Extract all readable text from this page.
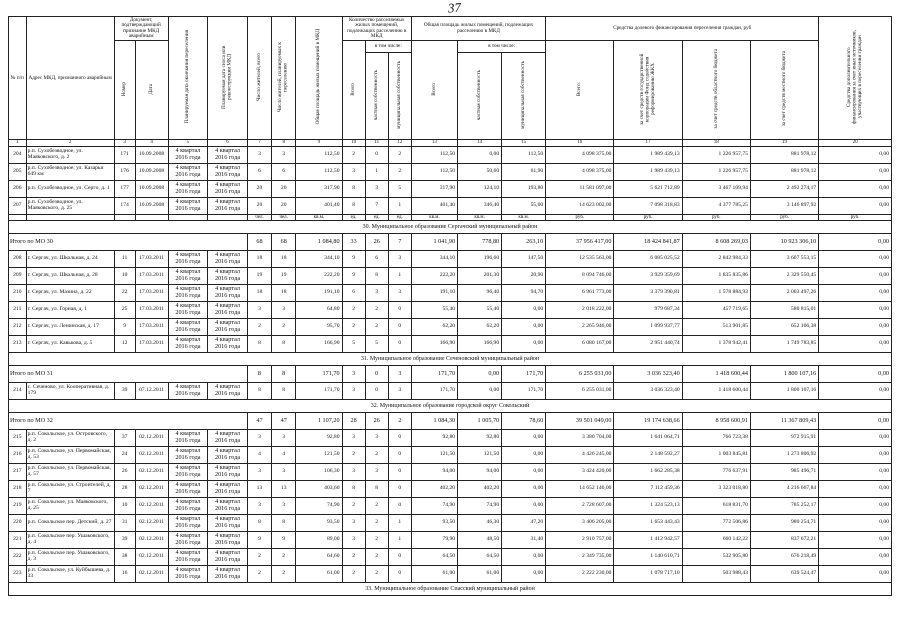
37
№ п/п	Адрес МКД, признанного аварийным	Документ, подтверждающий признание МКД аварийным		Планируемая дата окончания переселения	Планируемая дата сноса или реконструкции МКД	Число жителей, всего	Число жителей, планируемых к переселению	Общая площадь жилых помещений в МКД	Количество расселяемых жилых помещений, подлежащих расселению в МКД			Общая площадь жилых помещений, подлежащих расселению в МКД			Средства долевого финансирования переселения граждан, руб				Средства дополнительного финансирования за счет иных источников, участвующих в переселении граждан
		Номер	Дата						Всего	в том числе:		Всего	в том числе:		Всего:	за счет средств государственной корпорации Фонд содействия реформированию ЖКХ	за счет средств областного бюджета	за счет средств местного бюджета	
										частная собственность	муниципальная собственность		частная собственность	муниципальная собственность					
1	2	3	4	5	6	7	8	9	10	11	12	13	14	15	16	17	18	19	20
204	р.п. Сухобезводное, ул. Маяковского, д. 2	171	10.09.2008	4 квартал 2016 года	4 квартал 2016 года	3	3	112,50	2	0	2	112,50	0,00	112,50	4 098 375,00	1 989 439,13	1 226 957,75	881 978,12	0,00
205	р.п. Сухобезводное, ул. Казарьи 649 км	176	10.09.2008	4 квартал 2016 года	4 квартал 2016 года	6	6	112,50	3	1	2	112,50	50,60	61,90	4 098 375,00	1 989 439,13	1 226 957,75	881 978,12	0,00
206	р.п. Сухобезводное, ул. Сергo, д. 1	177	10.09.2008	4 квартал 2016 года	4 квартал 2016 года	20	20	317,90	8	3	5	317,90	124,10	193,80	11 581 097,00	5 621 712,89	3 467 109,94	2 492 274,17	0,00
207	р.п. Сухобезводное, ул. Маяковского, д. 25	174	10.09.2008	4 квартал 2016 года	4 квартал 2016 года	20	20	401,40	8	7	1	401,40	346,40	55,00	14 623 002,00	7 098 318,83	4 377 785,25	3 146 897,92	0,00
						чел.	чел.	кв.м.	ед.	ед.	ед.	кв.м.	кв.м.	кв.м.	руб.	руб.	руб.	руб.	руб.
30. Муниципальное образование Сергачский муниципальный район																			
Итого по МО 30						68	68	1 084,80	33	26	7	1 041,90	778,80	263,10	37 956 417,00	18 424 841,87	8 608 269,03	10 923 306,10	0,00
208	г. Сергач, ул. Школьная, д. 24	11	17.03.2011	4 квартал 2016 года	4 квартал 2016 года	18	18	344,10	9	6	3	344,10	196,60	147,50	12 535 563,00	6 085 025,52	2 842 984,33	3 607 553,15	0,00
209	г. Сергач, ул. Школьная, д. 28	10	17.03.2011	4 квартал 2016 года	4 квартал 2016 года	19	19	222,20	9	8	1	222,20	201,30	20,90	8 094 746,00	3 929 359,69	1 835 835,86	2 329 550,45	0,00
210	г. Сергач, ул. Мазина, д. 22	22	17.03.2011	4 квартал 2016 года	4 квартал 2016 года	18	18	191,10	6	3	3	191,10	96,40	94,70	6 961 773,00	3 379 390,81	1 578 884,93	2 003 497,26	0,00
211	г. Сергач, ул. Горная, д. 1	25	17.03.2011	4 квартал 2016 года	4 квартал 2016 года	3	3	64,80	2	2	0	55,40	55,40	0,00	2 018 222,00	979 687,34	457 719,65	580 815,01	0,00
212	г. Сергач, ул. Ленинская, д. 17	9	17.03.2011	4 квартал 2016 года	4 квартал 2016 года	2	2	95,70	2	2	0	62,20	62,20	0,00	2 265 946,00	1 099 937,77	513 901,85	652 106,38	0,00
213	г. Сергач, ул. Кавькова, д. 5	12	17.03.2011	4 квартал 2016 года	4 квартал 2016 года	8	8	166,90	5	5	0	166,90	166,90	0,00	6 080 167,00	2 951 440,74	1 378 942,41	1 749 783,85	0,00
31. Муниципальное образование Сеченовский муниципальный район																			
Итого по МО 31						8	8	171,70	3	0	3	171,70	0,00	171,70	6 255 031,00	3 036 323,40	1 418 600,44	1 800 107,16	0,00
214	с. Сеченово, ул. Кооперативная, д. 179	39	07.12.2011	4 квартал 2016 года	4 квартал 2016 года	8	8	171,70	3	0	3	171,70	0,00	171,70	6 255 031,00	3 036 323,40	1 418 600,44	1 800 107,16	0,00
32. Муниципальное образование городской округ Сокольский																			
Итого по МО 32						47	47	1 107,20	28	26	2	1 084,30	1 005,70	78,60	39 501 049,00	19 174 638,66	8 958 600,91	11 367 809,43	0,00
215	р.п. Сокольское, ул. Островского, д. 2	37	02.12.2011	4 квартал 2016 года	4 квартал 2016 года	3	3	92,80	3	3	0	92,80	92,80	0,00	3 380 704,00	1 641 064,71	766 723,38	972 915,91	0,00
216	р.п. Сокольское, ул. Первомайская, д. 53	24	02.12.2011	4 квартал 2016 года	4 квартал 2016 года	4	4	121,50	2	2	0	121,50	121,50	0,00	4 426 245,00	2 148 592,27	1 003 845,81	1 273 806,92	0,00
217	р.п. Сокольское, ул. Первомайская, д. 57	26	02.12.2011	4 квартал 2016 года	4 квартал 2016 года	3	3	106,30	3	3	0	94,00	94,00	0,00	3 424 420,00	1 662 285,38	776 637,91	985 496,71	0,00
218	р.п. Сокольское, ул. Строителей, д. 7	28	02.12.2011	4 квартал 2016 года	4 квартал 2016 года	13	13	403,60	8	8	0	402,20	402,20	0,00	14 652 146,00	7 112 459,36	3 323 018,80	4 216 667,84	0,00
219	р.п. Сокольское, ул. Маяковского, д. 25	10	02.12.2011	4 квартал 2016 года	4 квартал 2016 года	3	3	74,90	2	2	0	74,90	74,90	0,00	2 728 607,00	1 324 523,13	618 831,70	785 252,17	0,00
220	р.п. Сокольское пер. Детский, д. 27	31	02.12.2011	4 квартал 2016 года	4 квартал 2016 года	8	8	93,50	3	2	1	93,50	46,30	47,20	3 406 205,00	1 653 443,43	772 506,86	980 254,71	0,00
221	р.п. Сокольское пер. Ушаковского, д. 4	39	02.12.2011	4 квартал 2016 года	4 квартал 2016 года	9	9	89,00	3	2	1	79,90	48,50	31,40	2 910 757,00	1 412 942,57	660 142,22	837 672,21	0,00
222	р.п. Сокольское пер. Ушаковского, д. 3	38	02.12.2011	4 квартал 2016 года	4 квартал 2016 года	2	2	64,60	2	2	0	64,50	64,50	0,00	2 349 735,00	1 140 610,71	532 905,80	676 218,49	0,00
223	р.п. Сокольское, ул. Куйбышева, д. 33	16	02.12.2011	4 квартал 2016 года	4 квартал 2016 года	2	2	61,00	2	2	0	61,00	61,00	0,00	2 222 230,00	1 078 717,10	503 988,43	639 524,47	0,00
33. Муниципальное образование Спасский муниципальный район																			
